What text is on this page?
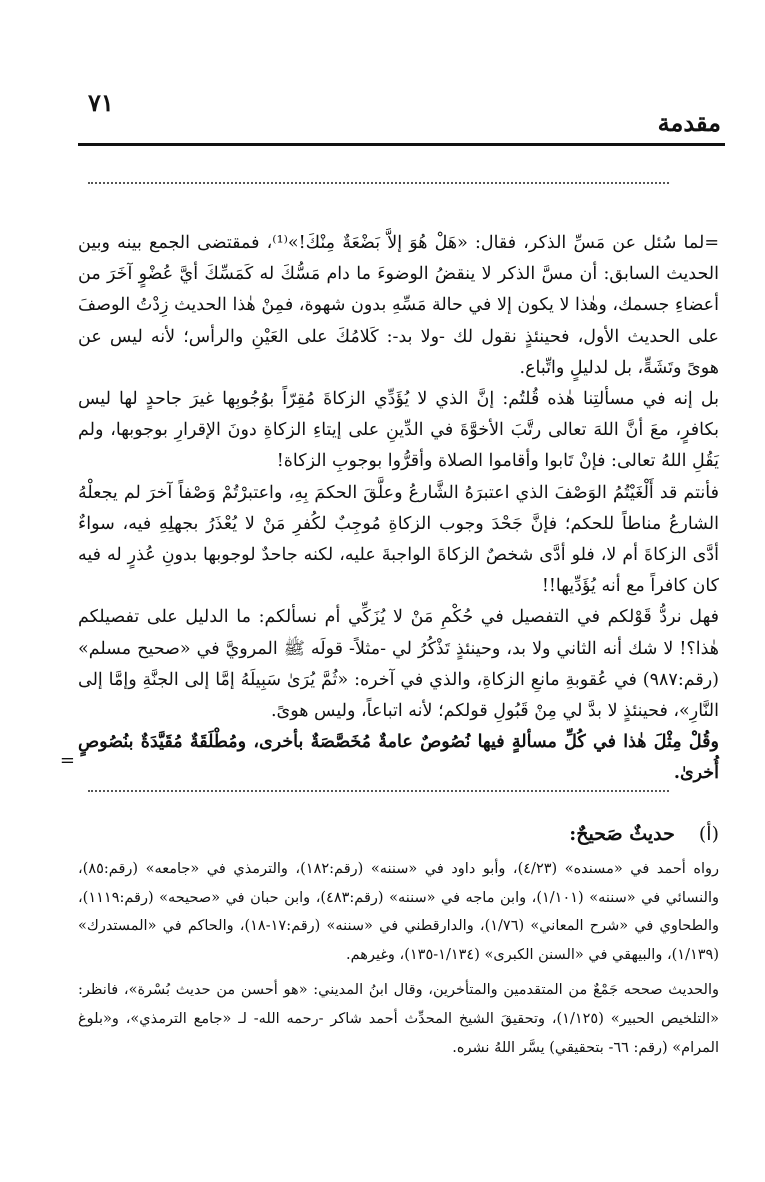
٧١
مقدمة

=لما سُئل عن مَسِّ الذكر، فقال: «هَلْ هُوَ إلاَّ بَضْعَةٌ مِنْكَ!»⁽¹⁾، فمقتضى الجمع بينه وبين الحديث السابق: أن مسَّ الذكر لا ينقضُ الوضوءَ ما دام مَسُّكَ له كَمَسِّكَ أيَّ عُضْوٍ آخَرَ من أعضاءِ جسمك، وهٰذا لا يكون إلا في حالة مَسِّهِ بدون شهوة، فمِنْ هٰذا الحديث زِدْتُ الوصفَ على الحديث الأول، فحينئذٍ نقول لك -ولا بد-: كَلامُكَ على العَيْنِ والرأس؛ لأنه ليس عن هوىً وتَشَهٍّ، بل لدليلٍ واتِّباع.

بل إنه في مسألتِنا هٰذه قُلتُم: إنَّ الذي لا يُؤَدِّي الزكاةَ مُقِرّاً بوُجُوبِها غيرَ جاحدٍ لها ليس بكافرٍ، معَ أنَّ اللهَ تعالى رتَّبَ الأخوَّةَ في الدِّينِ على إيتاءِ الزكاةِ دونَ الإقرارِ بوجوبها، ولم يَقُلِ اللهُ تعالى: فإنْ تَابوا وأقاموا الصلاة وأقرُّوا بوجوبِ الزكاة!

فأنتم قد أَلْغَيْتُمُ الوَصْفَ الذي اعتبرَهُ الشَّارعُ وعلَّقَ الحكمَ بِهِ، واعتبرْتُمْ وَصْفاً آخرَ لم يجعلْهُ الشارعُ مناطاً للحكم؛ فإنَّ جَحْدَ وجوب الزكاةِ مُوجِبٌ لكُفرِ مَنْ لا يُعْذَرُ بجهلِهِ فيه، سواءٌ أدَّى الزكاةَ أم لا، فلو أدَّى شخصٌ الزكاةَ الواجبةَ عليه، لكنه جاحدٌ لوجوبها بدونِ عُذرٍ له فيه كان كافراً مع أنه يُؤَدِّيها!!

فهل نردُّ قَوْلكم في التفصيل في حُكْمِ مَنْ لا يُزَكِّي أم نسألكم: ما الدليل على تفصيلكم هٰذا؟! لا شك أنه الثاني ولا بد، وحينئذٍ تَذْكُرُ لي -مثلاً- قولَه ﷺ المرويَّ في «صحيح مسلم» (رقم:٩٨٧) في عُقوبةِ مانعِ الزكاةِ، والذي في آخره: «ثُمَّ يُرَىٰ سَبِيلَهُ إمَّا إلى الجنَّةِ وإمَّا إلى النَّارِ»، فحينئذٍ لا بدَّ لي مِنْ قَبُولِ قولكم؛ لأنه اتباعاً، وليس هوىً.

وقُلْ مِثْلَ هٰذا في كُلِّ مسألةٍ فيها نُصُوصٌ عامةٌ مُخَصَّصَةٌ بأخرى، ومُطْلَقَةٌ مُقَيَّدَةٌ بنُصُوصٍ أُخرىٰ.

=

(أ)حديثٌ صَحيحٌ:

رواه أحمد في «مسنده» (٤/٢٣)، وأبو داود في «سننه» (رقم:١٨٢)، والترمذي في «جامعه» (رقم:٨٥)، والنسائي في «سننه» (١/١٠١)، وابن ماجه في «سننه» (رقم:٤٨٣)، وابن حبان في «صحيحه» (رقم:١١١٩)، والطحاوي في «شرح المعاني» (١/٧٦)، والدارقطني في «سننه» (رقم:١٧-١٨)، والحاكم في «المستدرك» (١/١٣٩)، والبيهقي في «السنن الكبرى» (١/١٣٤-١٣٥)، وغيرهم.

والحديث صححه جَمْعٌ من المتقدمين والمتأخرين، وقال ابنُ المديني: «هو أحسن من حديث بُسْرة»، فانظر: «التلخيص الحبير» (١/١٢٥)، وتحقيقَ الشيخ المحدِّث أحمد شاكر -رحمه الله- لـ «جامع الترمذي»، و«بلوغ المرام» (رقم: ٦٦- بتحقيقي) يسَّر اللهُ نشره.
